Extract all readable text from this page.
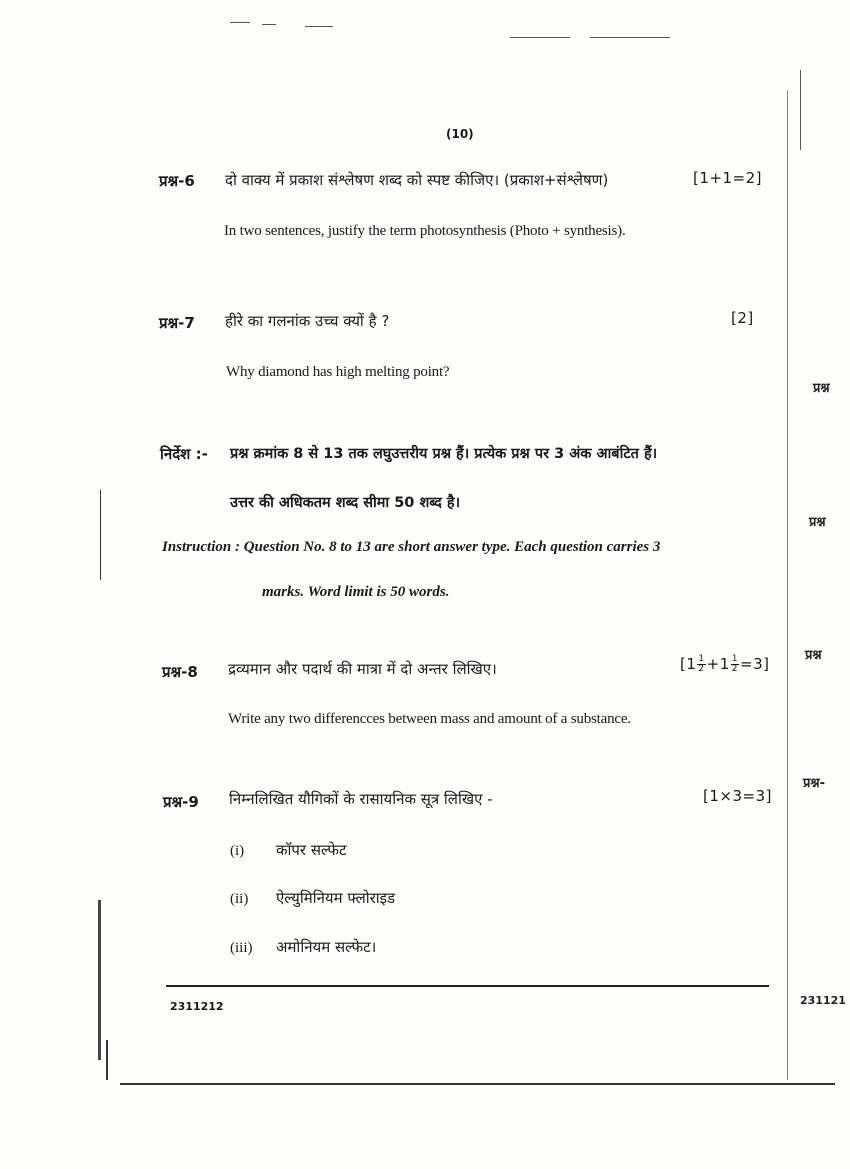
(10)
प्रश्न-6 दो वाक्य में प्रकाश संश्लेषण शब्द को स्पष्ट कीजिए। (प्रकाश+संश्लेषण)	[1+1=2]
In two sentences, justify the term photosynthesis (Photo + synthesis).
प्रश्न-7 हीरे का गलनांक उच्च क्यों है ?	[2]
Why diamond has high melting point?
निर्देश :- प्रश्न क्रमांक 8 से 13 तक लघुउत्तरीय प्रश्न हैं। प्रत्येक प्रश्न पर 3 अंक आबंटित हैं।
उत्तर की अधिकतम शब्द सीमा 50 शब्द है।
Instruction : Question No. 8 to 13 are short answer type. Each question carries 3
marks. Word limit is 50 words.
प्रश्न-8 द्रव्यमान और पदार्थ की मात्रा में दो अन्तर लिखिए।	$[1 \frac{1}{2} +1 \frac{1}{2} =3]$
Write any two differencces between mass and amount of a substance.
प्रश्न-9 निम्नलिखित यौगिकों के रासायनिक सूत्र लिखिए -	[1×3=3]
(i) कॉपर सल्फेट
(ii) ऐल्युमिनियम फ्लोराइड
(iii) अमोनियम सल्फेट।
2311212
प्रश्न
प्रश्न
प्रश्न
प्रश्न-
231121
